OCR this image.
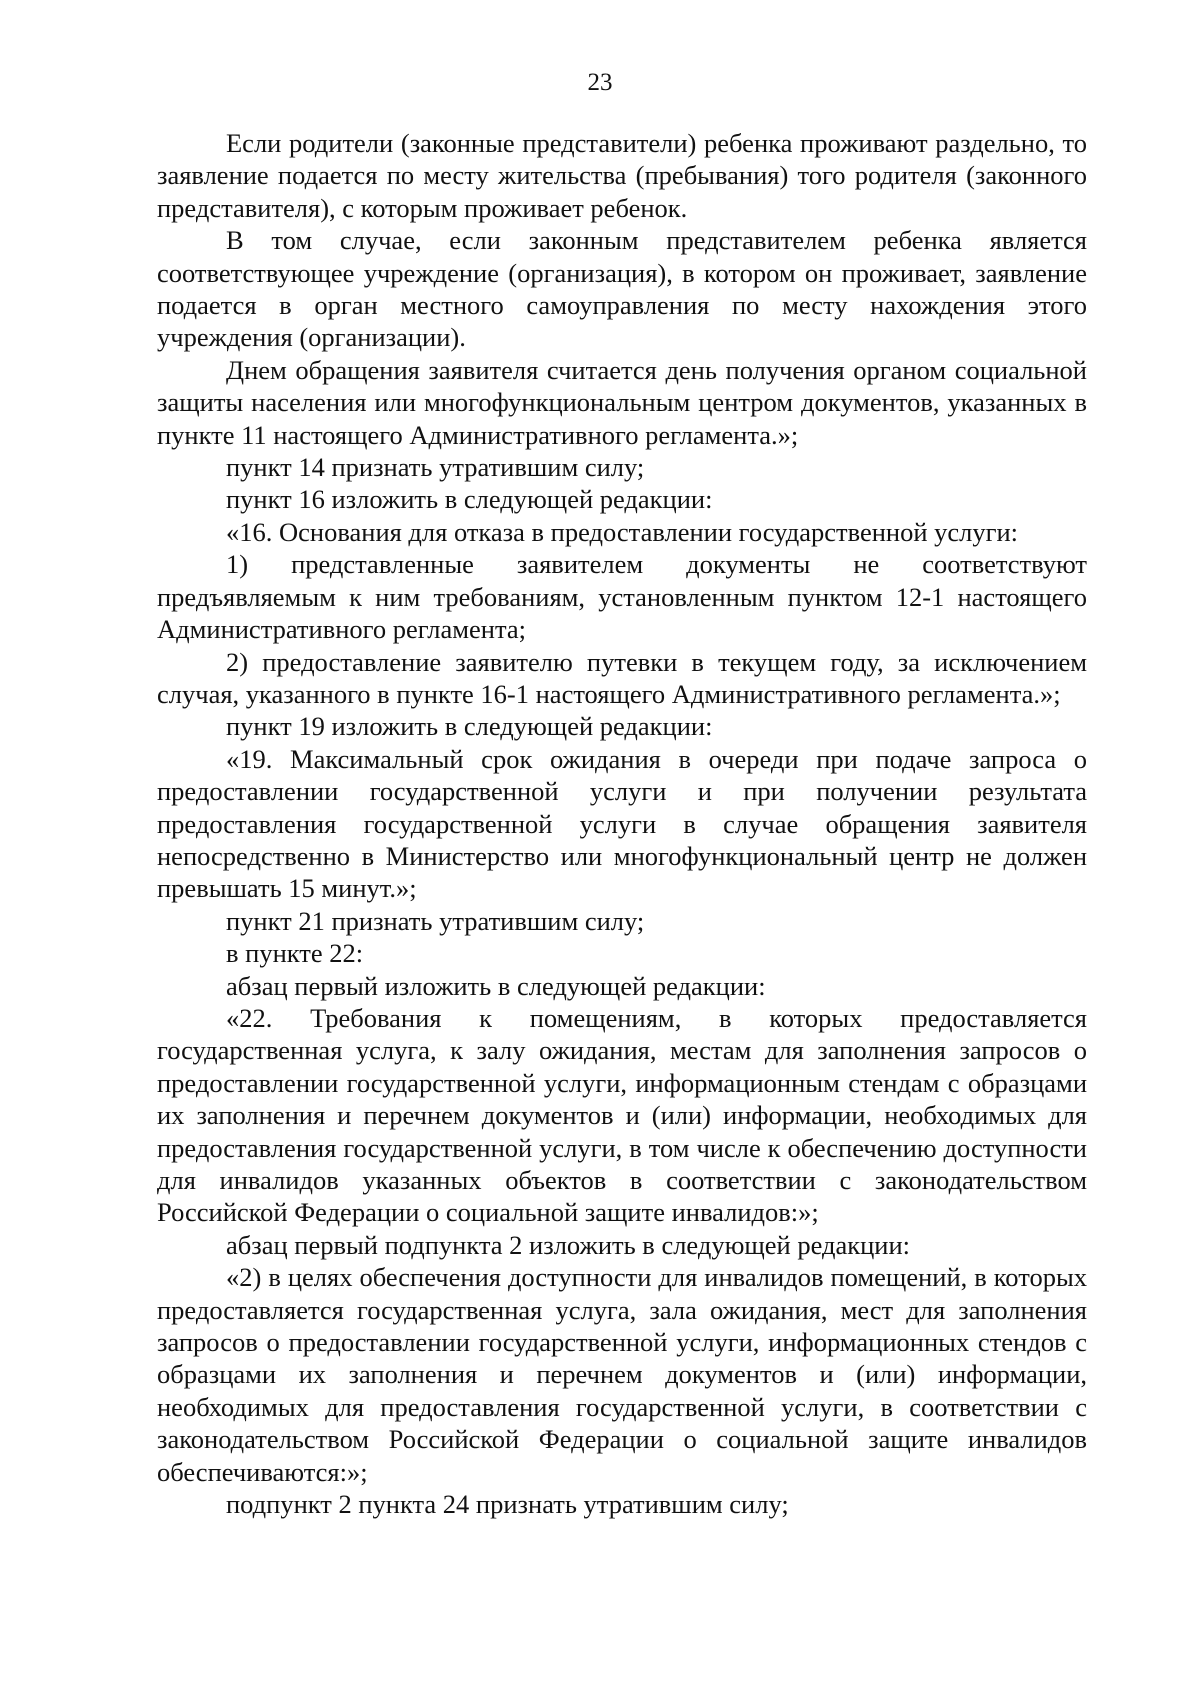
23

Если родители (законные представители) ребенка проживают раздельно, то заявление подается по месту жительства (пребывания) того родителя (законного представителя), с которым проживает ребенок.

В том случае, если законным представителем ребенка является соответствующее учреждение (организация), в котором он проживает, заявление подается в орган местного самоуправления по месту нахождения этого учреждения (организации).

Днем обращения заявителя считается день получения органом социальной защиты населения или многофункциональным центром документов, указанных в пункте 11 настоящего Административного регламента.»;

пункт 14 признать утратившим силу;

пункт 16 изложить в следующей редакции:

«16. Основания для отказа в предоставлении государственной услуги:

1) представленные заявителем документы не соответствуют предъявляемым к ним требованиям, установленным пунктом 12-1 настоящего Административного регламента;

2) предоставление заявителю путевки в текущем году, за исключением случая, указанного в пункте 16-1 настоящего Административного регламента.»;

пункт 19 изложить в следующей редакции:

«19. Максимальный срок ожидания в очереди при подаче запроса о предоставлении государственной услуги и при получении результата предоставления государственной услуги в случае обращения заявителя непосредственно в Министерство или многофункциональный центр не должен превышать 15 минут.»;

пункт 21 признать утратившим силу;

в пункте 22:

абзац первый изложить в следующей редакции:

«22. Требования к помещениям, в которых предоставляется государственная услуга, к залу ожидания, местам для заполнения запросов о предоставлении государственной услуги, информационным стендам с образцами их заполнения и перечнем документов и (или) информации, необходимых для предоставления государственной услуги, в том числе к обеспечению доступности для инвалидов указанных объектов в соответствии с законодательством Российской Федерации о социальной защите инвалидов:»;

абзац первый подпункта 2 изложить в следующей редакции:

«2) в целях обеспечения доступности для инвалидов помещений, в которых предоставляется государственная услуга, зала ожидания, мест для заполнения запросов о предоставлении государственной услуги, информационных стендов с образцами их заполнения и перечнем документов и (или) информации, необходимых для предоставления государственной услуги, в соответствии с законодательством Российской Федерации о социальной защите инвалидов обеспечиваются:»;

подпункт 2 пункта 24 признать утратившим силу;
